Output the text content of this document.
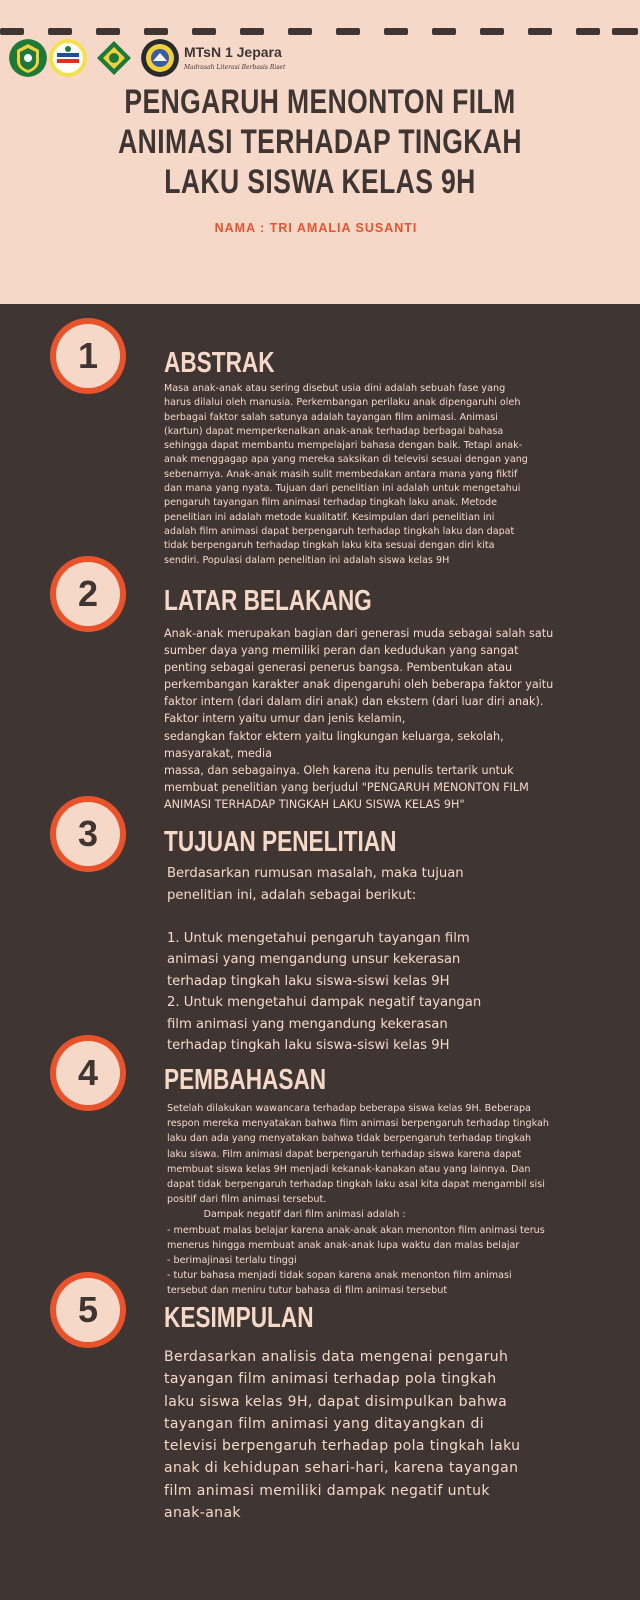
MTsN 1 Jepara
Madrasah Literasi Berbasis Riset
PENGARUH MENONTON FILM ANIMASI TERHADAP TINGKAH LAKU SISWA KELAS 9H
NAMA : TRI AMALIA SUSANTI
1	ABSTRAK

Masa anak-anak atau sering disebut usia dini adalah sebuah fase yang
harus dilalui oleh manusia. Perkembangan perilaku anak dipengaruhi oleh
berbagai faktor salah satunya adalah tayangan film animasi. Animasi
(kartun) dapat memperkenalkan anak-anak terhadap berbagai bahasa
sehingga dapat membantu mempelajari bahasa dengan baik. Tetapi anak-
anak menggagap apa yang mereka saksikan di televisi sesuai dengan yang
sebenarnya. Anak-anak masih sulit membedakan antara mana yang fiktif
dan mana yang nyata. Tujuan dari penelitian ini adalah untuk mengetahui
pengaruh tayangan film animasi terhadap tingkah laku anak. Metode
penelitian ini adalah metode kualitatif. Kesimpulan dari penelitian ini
adalah film animasi dapat berpengaruh terhadap tingkah laku dan dapat
tidak berpengaruh terhadap tingkah laku kita sesuai dengan diri kita
sendiri. Populasi dalam penelitian ini adalah siswa kelas 9H

2	LATAR BELAKANG

Anak-anak merupakan bagian dari generasi muda sebagai salah satu
sumber daya yang memiliki peran dan kedudukan yang sangat
penting sebagai generasi penerus bangsa. Pembentukan atau
perkembangan karakter anak dipengaruhi oleh beberapa faktor yaitu
faktor intern (dari dalam diri anak) dan ekstern (dari luar diri anak).
Faktor intern yaitu umur dan jenis kelamin,
sedangkan faktor ektern yaitu lingkungan keluarga, sekolah,
masyarakat, media
massa, dan sebagainya. Oleh karena itu penulis tertarik untuk
membuat penelitian yang berjudul "PENGARUH MENONTON FILM
ANIMASI TERHADAP TINGKAH LAKU SISWA KELAS 9H"

3	TUJUAN PENELITIAN

Berdasarkan rumusan masalah, maka tujuan
penelitian ini, adalah sebagai berikut:

1. Untuk mengetahui pengaruh tayangan film
animasi yang mengandung unsur kekerasan
terhadap tingkah laku siswa-siswi kelas 9H
2. Untuk mengetahui dampak negatif tayangan
film animasi yang mengandung kekerasan
terhadap tingkah laku siswa-siswi kelas 9H

4	PEMBAHASAN

Setelah dilakukan wawancara terhadap beberapa siswa kelas 9H. Beberapa
respon mereka menyatakan bahwa film animasi berpengaruh terhadap tingkah
laku dan ada yang menyatakan bahwa tidak berpengaruh terhadap tingkah
laku siswa. Film animasi dapat berpengaruh terhadap siswa karena dapat
membuat siswa kelas 9H menjadi kekanak-kanakan atau yang lainnya. Dan
dapat tidak berpengaruh terhadap tingkah laku asal kita dapat mengambil sisi
positif dari film animasi tersebut.
Dampak negatif dari film animasi adalah :
- membuat malas belajar karena anak-anak akan menonton film animasi terus
menerus hingga membuat anak anak-anak lupa waktu dan malas belajar
- berimajinasi terlalu tinggi
- tutur bahasa menjadi tidak sopan karena anak menonton film animasi
tersebut dan meniru tutur bahasa di film animasi tersebut

5	KESIMPULAN

Berdasarkan analisis data mengenai pengaruh
tayangan film animasi terhadap pola tingkah
laku siswa kelas 9H, dapat disimpulkan bahwa
tayangan film animasi yang ditayangkan di
televisi berpengaruh terhadap pola tingkah laku
anak di kehidupan sehari-hari, karena tayangan
film animasi memiliki dampak negatif untuk
anak-anak
